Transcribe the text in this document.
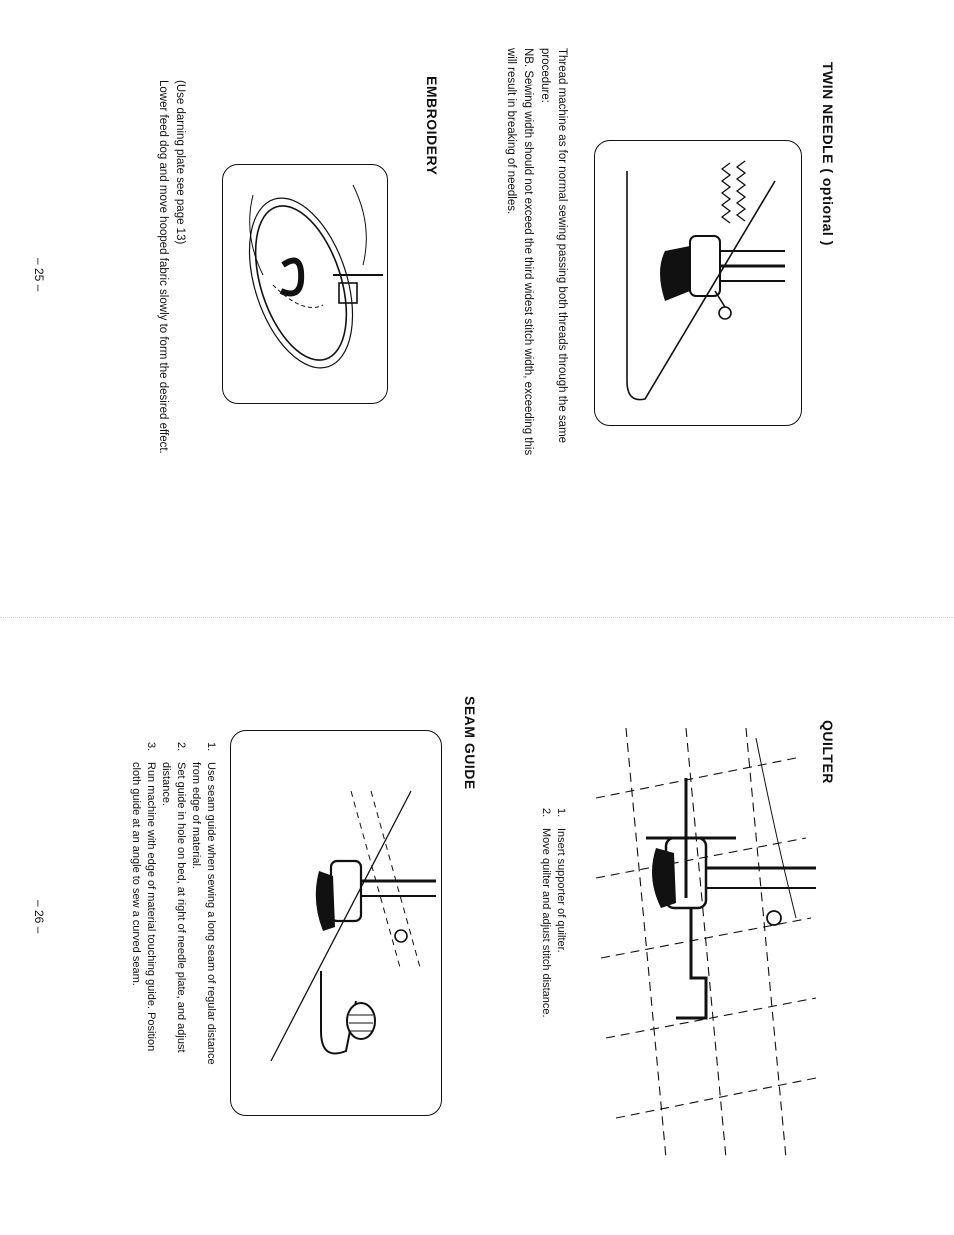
TWIN NEEDLE ( optional )

Thread machine as for normal sewing passing both threads through the same

procedure:

NB. Sewing width should not exceed the third widest stitch width, exceeding this

will result in breaking of needles.

EMBROIDERY

(Use darning plate see page 13)

Lower feed dog and move hooped fabric slowly to form the desired effect.

– 25 –
QUILTER
1.
Insert supporter of quilter.
2.
Move quilter and adjust stitch distance.
SEAM GUIDE
1.
Use seam guide when sewing a long seam of regular distance from edge of material.
2.
Set guide in hole on bed, at right of needle plate, and adjust distance.
3.
Run machine with edge of material touching guide. Position cloth guide at an angle to sew a curved seam.
– 26 –
